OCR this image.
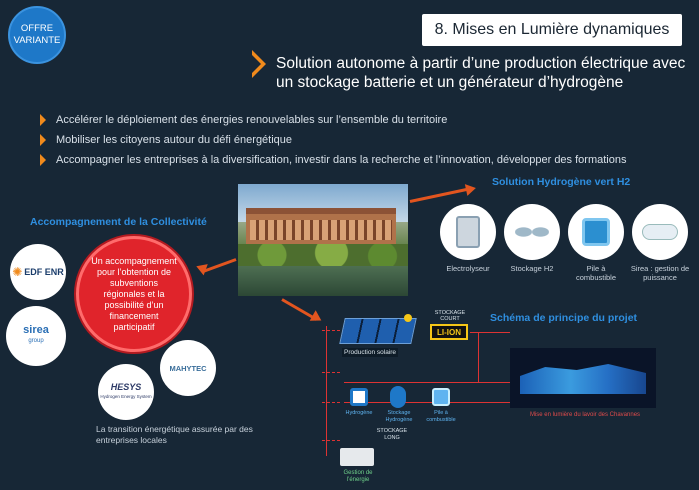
OFFRE VARIANTE
8. Mises en Lumière dynamiques
Solution autonome à partir d’une production électrique avec un stockage batterie et un générateur d’hydrogène
Accélérer le déploiement des énergies renouvelables sur l’ensemble du territoire
Mobiliser les citoyens autour du défi énergétique
Accompagner les entreprises à la diversification, investir dans la recherche et l’innovation, développer des formations
Accompagnement de la Collectivité
✺ EDF ENR
sirea
group
Un accompagnement pour l’obtention de subventions régionales et la possibilité d’un financement participatif
MAHYTEC
HESYS
Hydrogen Energy System
La transition énergétique assurée par des entreprises locales
Solution Hydrogène vert H2
Electrolyseur	Stockage H2	Pile à combustible
Sirea : gestion de puissance
Schéma de principe du projet
Production solaire
STOCKAGE COURT
LI-ION
Hydrogène	Stockage Hydrogène
Pile à combustible
STOCKAGE LONG
Gestion de l’énergie
Mise en lumière du lavoir des Chavannes
